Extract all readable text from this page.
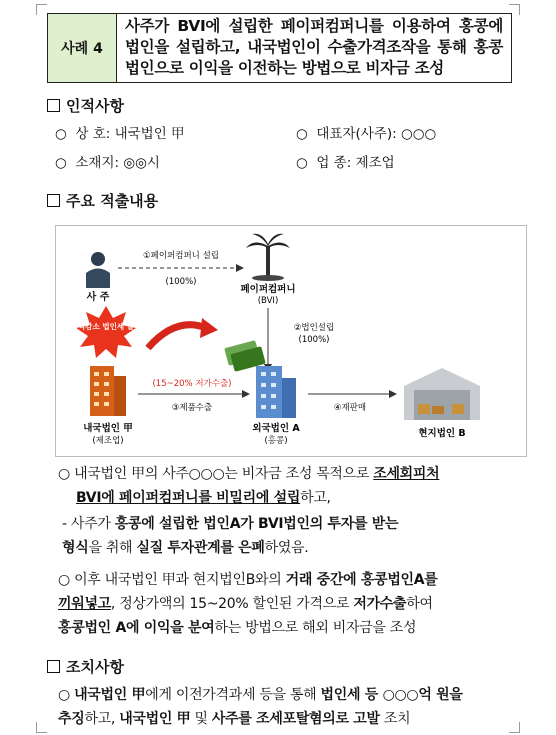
사례 4
사주가 BVI에 설립한 페이퍼컴퍼니를 이용하여 홍콩에 법인을 설립하고, 내국법인이 수출가격조작을 통해 홍콩법인으로 이익을 이전하는 방법으로 비자금 조성
인적사항
○ 상 호: 내국법인 甲	○ 대표자(사주): ○○○
○ 소재지: ◎◎시	○ 업 종: 제조업
주요 적출내용
사 주
①페이퍼컴퍼니 설립
(100%)
페이퍼컴퍼니
(BVI)
②법인설립
(100%)
이익감소 법인세 탈루
내국법인 甲
(제조업)
(15~20% 저가수출)
③제품수출
외국법인 A
(홍콩)
④재판매
현지법인 B
○ 내국법인 甲의 사주○○○는 비자금 조성 목적으로 조세회피처
BVI에 페이퍼컴퍼니를 비밀리에 설립하고,
- 사주가 홍콩에 설립한 법인A가 BVI법인의 투자를 받는
형식을 취해 실질 투자관계를 은폐하였음.
○ 이후 내국법인 甲과 현지법인B와의 거래 중간에 홍콩법인A를
끼워넣고, 정상가액의 15~20% 할인된 가격으로 저가수출하여
홍콩법인 A에 이익을 분여하는 방법으로 해외 비자금을 조성
조치사항
○ 내국법인 甲에게 이전가격과세 등을 통해 법인세 등 ○○○억 원을
추징하고, 내국법인 甲 및 사주를 조세포탈혐의로 고발 조치
